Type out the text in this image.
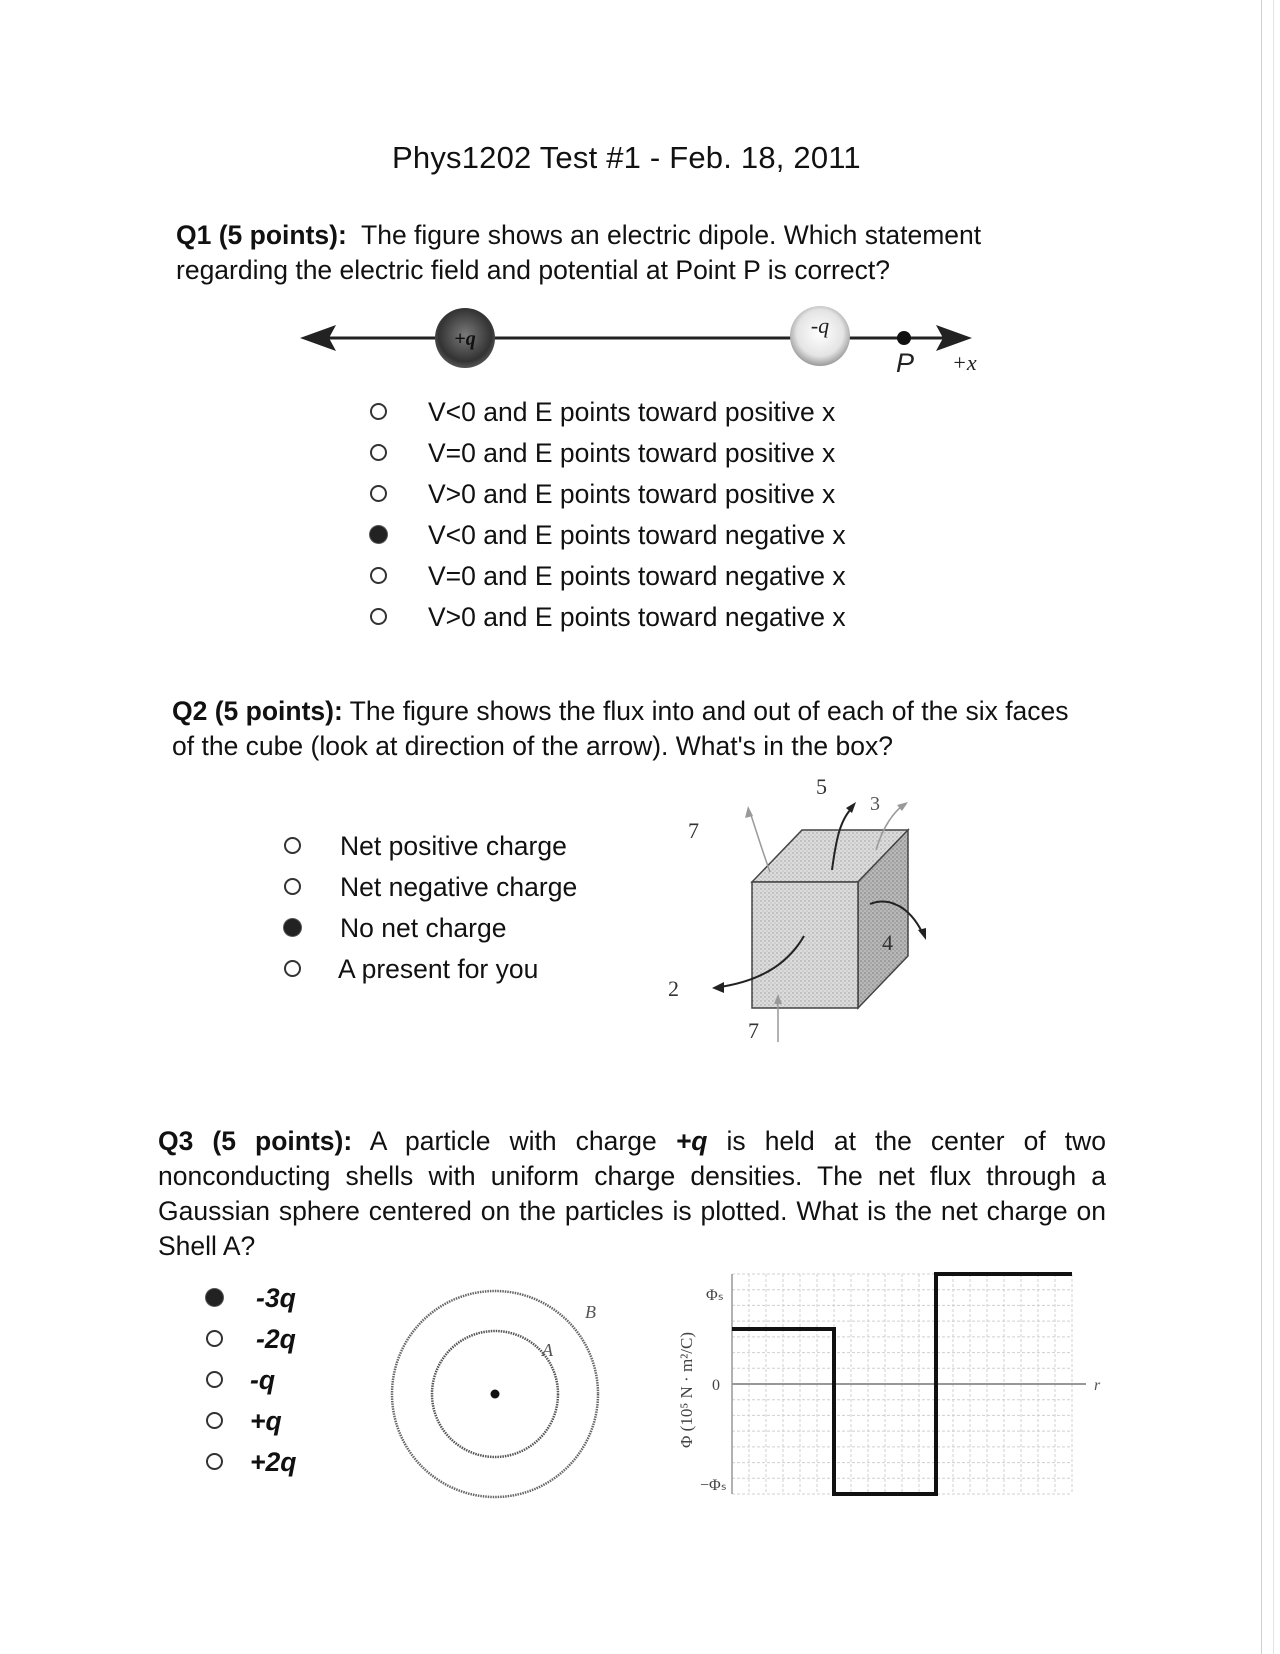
Phys1202 Test #1 - Feb. 18, 2011
Q1 (5 points): The figure shows an electric dipole. Which statement regarding the electric field and potential at Point P is correct?
+q
-q
P +x
V<0 and E points toward positive x
V=0 and E points toward positive x
V>0 and E points toward positive x
V<0 and E points toward negative x
V=0 and E points toward negative x
V>0 and E points toward negative x
Q2 (5 points): The figure shows the flux into and out of each of the six faces of the cube (look at direction of the arrow). What's in the box?
Net positive charge
Net negative charge
No net charge
A present for you
5
3
7
4
2
7
Q3 (5 points): A particle with charge +q is held at the center of two nonconducting shells with uniform charge densities. The net flux through a Gaussian sphere centered on the particles is plotted. What is the net charge on Shell A?
-3q
-2q
-q
+q
+2q
B
A	Φ (10⁵ N · m²/C)
Φₛ
0
−Φₛ
r
